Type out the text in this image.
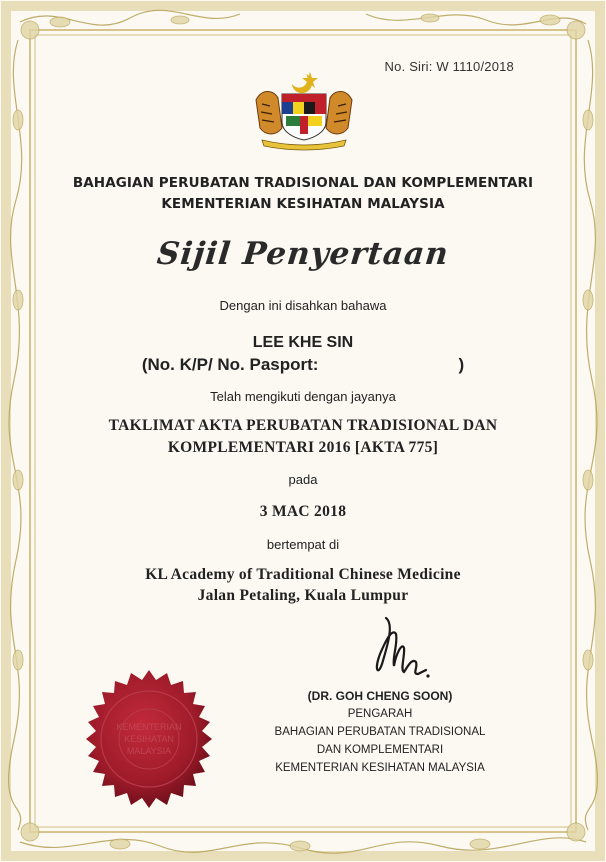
No. Siri: W 1110/2018
BAHAGIAN PERUBATAN TRADISIONAL DAN KOMPLEMENTARI
KEMENTERIAN KESIHATAN MALAYSIA
Sijil Penyertaan
Dengan ini disahkan bahawa
LEE KHE SIN
(No. K/P/ No. Pasport:	)
Telah mengikuti dengan jayanya
TAKLIMAT AKTA PERUBATAN TRADISIONAL DAN
KOMPLEMENTARI 2016 [AKTA 775]
pada
3 MAC 2018
bertempat di
KL Academy of Traditional Chinese Medicine
Jalan Petaling, Kuala Lumpur
(DR. GOH CHENG SOON)
PENGARAH
BAHAGIAN PERUBATAN TRADISIONAL
DAN KOMPLEMENTARI
KEMENTERIAN KESIHATAN MALAYSIA
KEMENTERIAN
KESIHATAN
MALAYSIA
